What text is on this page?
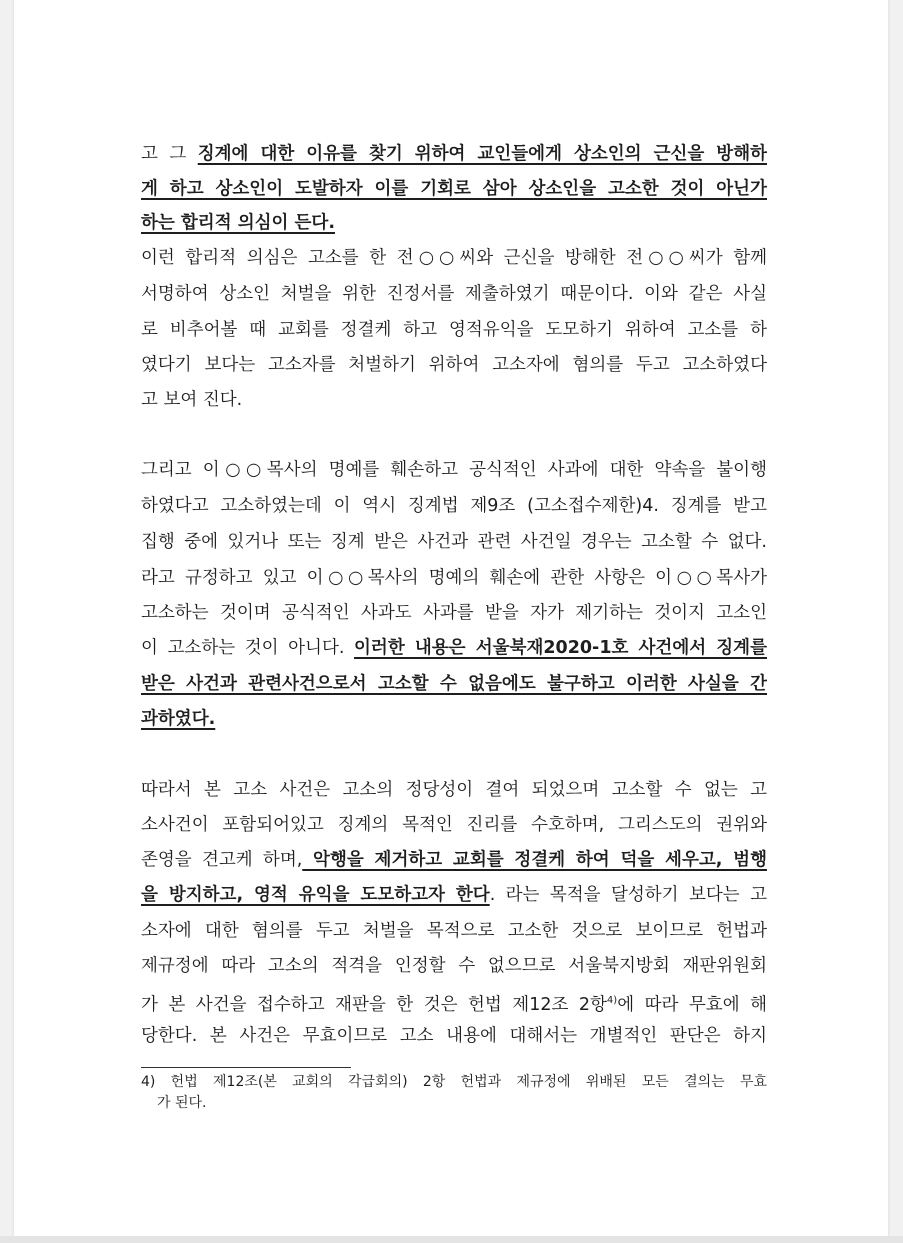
고 그 징계에 대한 이유를 찾기 위하여 교인들에게 상소인의 근신을 방해하
게 하고 상소인이 도발하자 이를 기회로 삼아 상소인을 고소한 것이 아닌가
하는 합리적 의심이 든다.
이런 합리적 의심은 고소를 한 전○○씨와 근신을 방해한 전○○씨가 함께
서명하여 상소인 처벌을 위한 진정서를 제출하였기 때문이다. 이와 같은 사실
로 비추어볼 때 교회를 정결케 하고 영적유익을 도모하기 위하여 고소를 하
였다기 보다는 고소자를 처벌하기 위하여 고소자에 혐의를 두고 고소하였다
고 보여 진다.
그리고 이○○목사의 명예를 훼손하고 공식적인 사과에 대한 약속을 불이행
하였다고 고소하였는데 이 역시 징계법 제9조 (고소접수제한)4. 징계를 받고
집행 중에 있거나 또는 징계 받은 사건과 관련 사건일 경우는 고소할 수 없다.
라고 규정하고 있고 이○○목사의 명예의 훼손에 관한 사항은 이○○목사가
고소하는 것이며 공식적인 사과도 사과를 받을 자가 제기하는 것이지 고소인
이 고소하는 것이 아니다. 이러한 내용은 서울북재2020-1호 사건에서 징계를
받은 사건과 관련사건으로서 고소할 수 없음에도 불구하고 이러한 사실을 간
과하였다.
따라서 본 고소 사건은 고소의 정당성이 결여 되었으며 고소할 수 없는 고
소사건이 포함되어있고 징계의 목적인 진리를 수호하며, 그리스도의 권위와
존영을 견고케 하며, 악행을 제거하고 교회를 정결케 하여 덕을 세우고, 범행
을 방지하고, 영적 유익을 도모하고자 한다. 라는 목적을 달성하기 보다는 고
소자에 대한 혐의를 두고 처벌을 목적으로 고소한 것으로 보이므로 헌법과
제규정에 따라 고소의 적격을 인정할 수 없으므로 서울북지방회 재판위원회
가 본 사건을 접수하고 재판을 한 것은 헌법 제12조 2항$^{4)}$에 따라 무효에 해
당한다. 본 사건은 무효이므로 고소 내용에 대해서는 개별적인 판단은 하지
4) 헌법 제12조(본 교회의 각급회의) 2항 헌법과 제규정에 위배된 모든 결의는 무효
가 된다.
